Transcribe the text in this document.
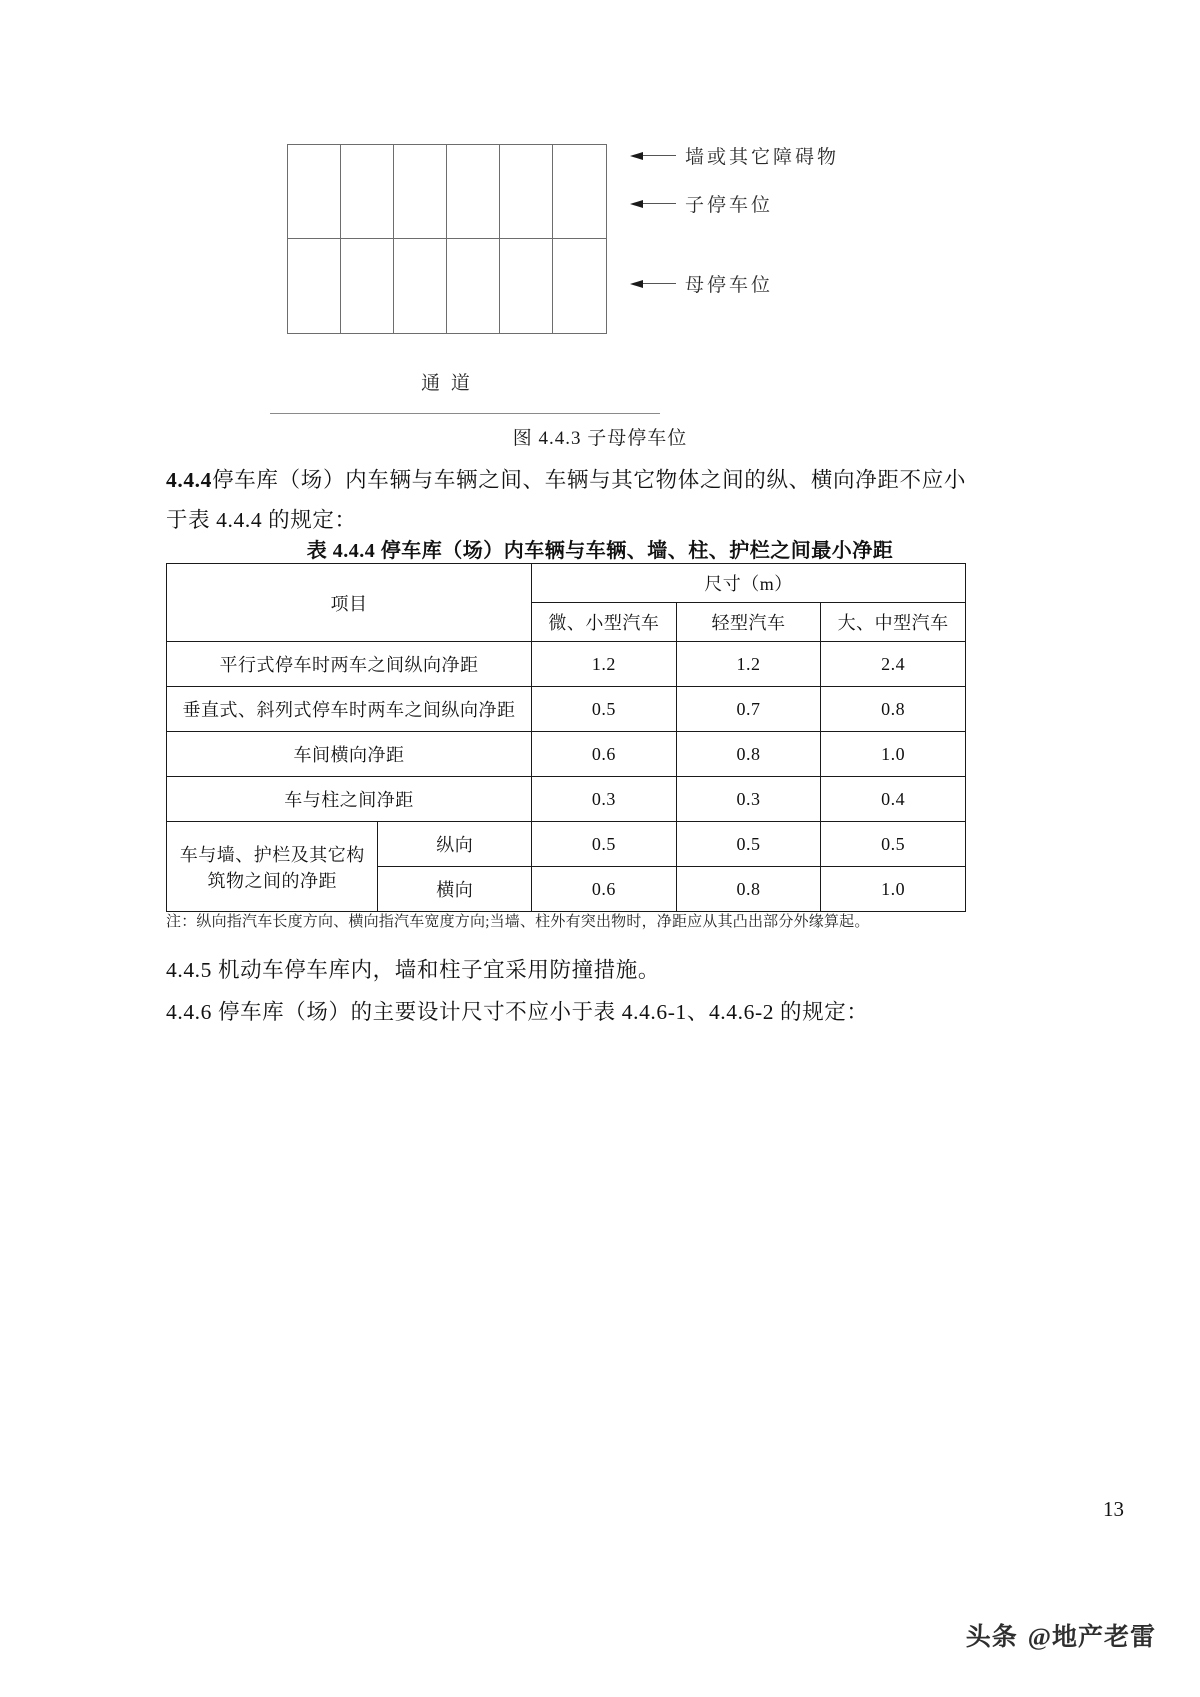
墙或其它障碍物
子停车位
母停车位
通 道
图 4.4.3 子母停车位
4.4.4停车库（场）内车辆与车辆之间、车辆与其它物体之间的纵、横向净距不应小于表 4.4.4 的规定：
表 4.4.4 停车库（场）内车辆与车辆、墙、柱、护栏之间最小净距
项目		尺寸（m）		
		微、小型汽车	轻型汽车	大、中型汽车
平行式停车时两车之间纵向净距		1.2	1.2	2.4
垂直式、斜列式停车时两车之间纵向净距		0.5	0.7	0.8
车间横向净距		0.6	0.8	1.0
车与柱之间净距		0.3	0.3	0.4
车与墙、护栏及其它构筑物之间的净距	纵向	0.5	0.5	0.5
	横向	0.6	0.8	1.0
注：纵向指汽车长度方向、横向指汽车宽度方向;当墙、柱外有突出物时，净距应从其凸出部分外缘算起。
4.4.5 机动车停车库内，墙和柱子宜采用防撞措施。
4.4.6 停车库（场）的主要设计尺寸不应小于表 4.4.6-1、4.4.6-2 的规定：
13
头条 @地产老雷
